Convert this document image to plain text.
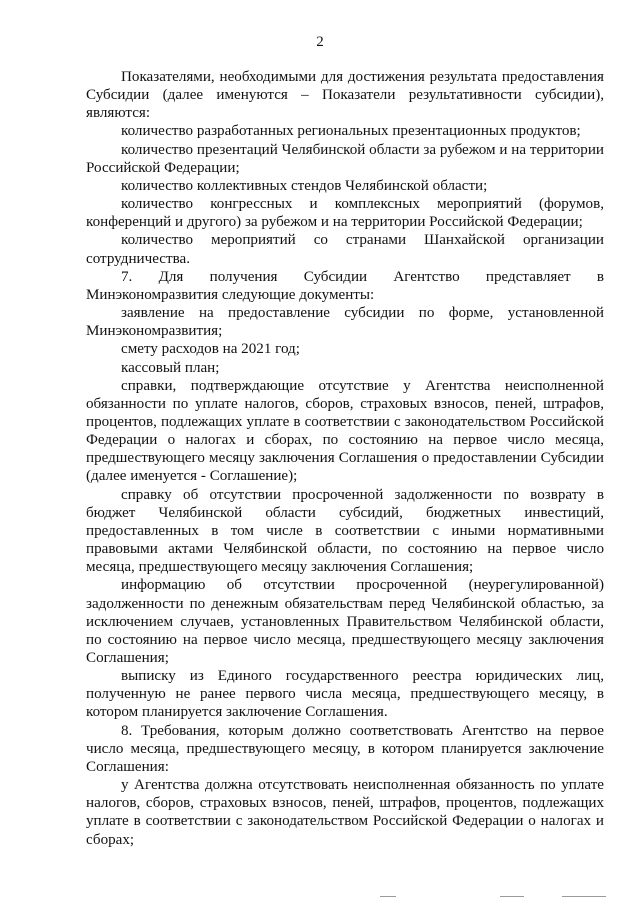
2

Показателями, необходимыми для достижения результата предоставления Субсидии (далее именуются – Показатели результативности субсидии), являются:

количество разработанных региональных презентационных продуктов;

количество презентаций Челябинской области за рубежом и на территории Российской Федерации;

количество коллективных стендов Челябинской области;

количество конгрессных и комплексных мероприятий (форумов, конференций и другого) за рубежом и на территории Российской Федерации;

количество мероприятий со странами Шанхайской организации сотрудничества.

7. Для получения Субсидии Агентство представляет в Минэкономразвития следующие документы:

заявление на предоставление субсидии по форме, установленной Минэкономразвития;

смету расходов на 2021 год;

кассовый план;

справки, подтверждающие отсутствие у Агентства неисполненной обязанности по уплате налогов, сборов, страховых взносов, пеней, штрафов, процентов, подлежащих уплате в соответствии с законодательством Российской Федерации о налогах и сборах, по состоянию на первое число месяца, предшествующего месяцу заключения Соглашения о предоставлении Субсидии (далее именуется - Соглашение);

справку об отсутствии просроченной задолженности по возврату в бюджет Челябинской области субсидий, бюджетных инвестиций, предоставленных в том числе в соответствии с иными нормативными правовыми актами Челябинской области, по состоянию на первое число месяца, предшествующего месяцу заключения Соглашения;

информацию об отсутствии просроченной (неурегулированной) задолженности по денежным обязательствам перед Челябинской областью, за исключением случаев, установленных Правительством Челябинской области, по состоянию на первое число месяца, предшествующего месяцу заключения Соглашения;

выписку из Единого государственного реестра юридических лиц, полученную не ранее первого числа месяца, предшествующего месяцу, в котором планируется заключение Соглашения.

8. Требования, которым должно соответствовать Агентство на первое число месяца, предшествующего месяцу, в котором планируется заключение Соглашения:

у Агентства должна отсутствовать неисполненная обязанность по уплате налогов, сборов, страховых взносов, пеней, штрафов, процентов, подлежащих уплате в соответствии с законодательством Российской Федерации о налогах и сборах;
